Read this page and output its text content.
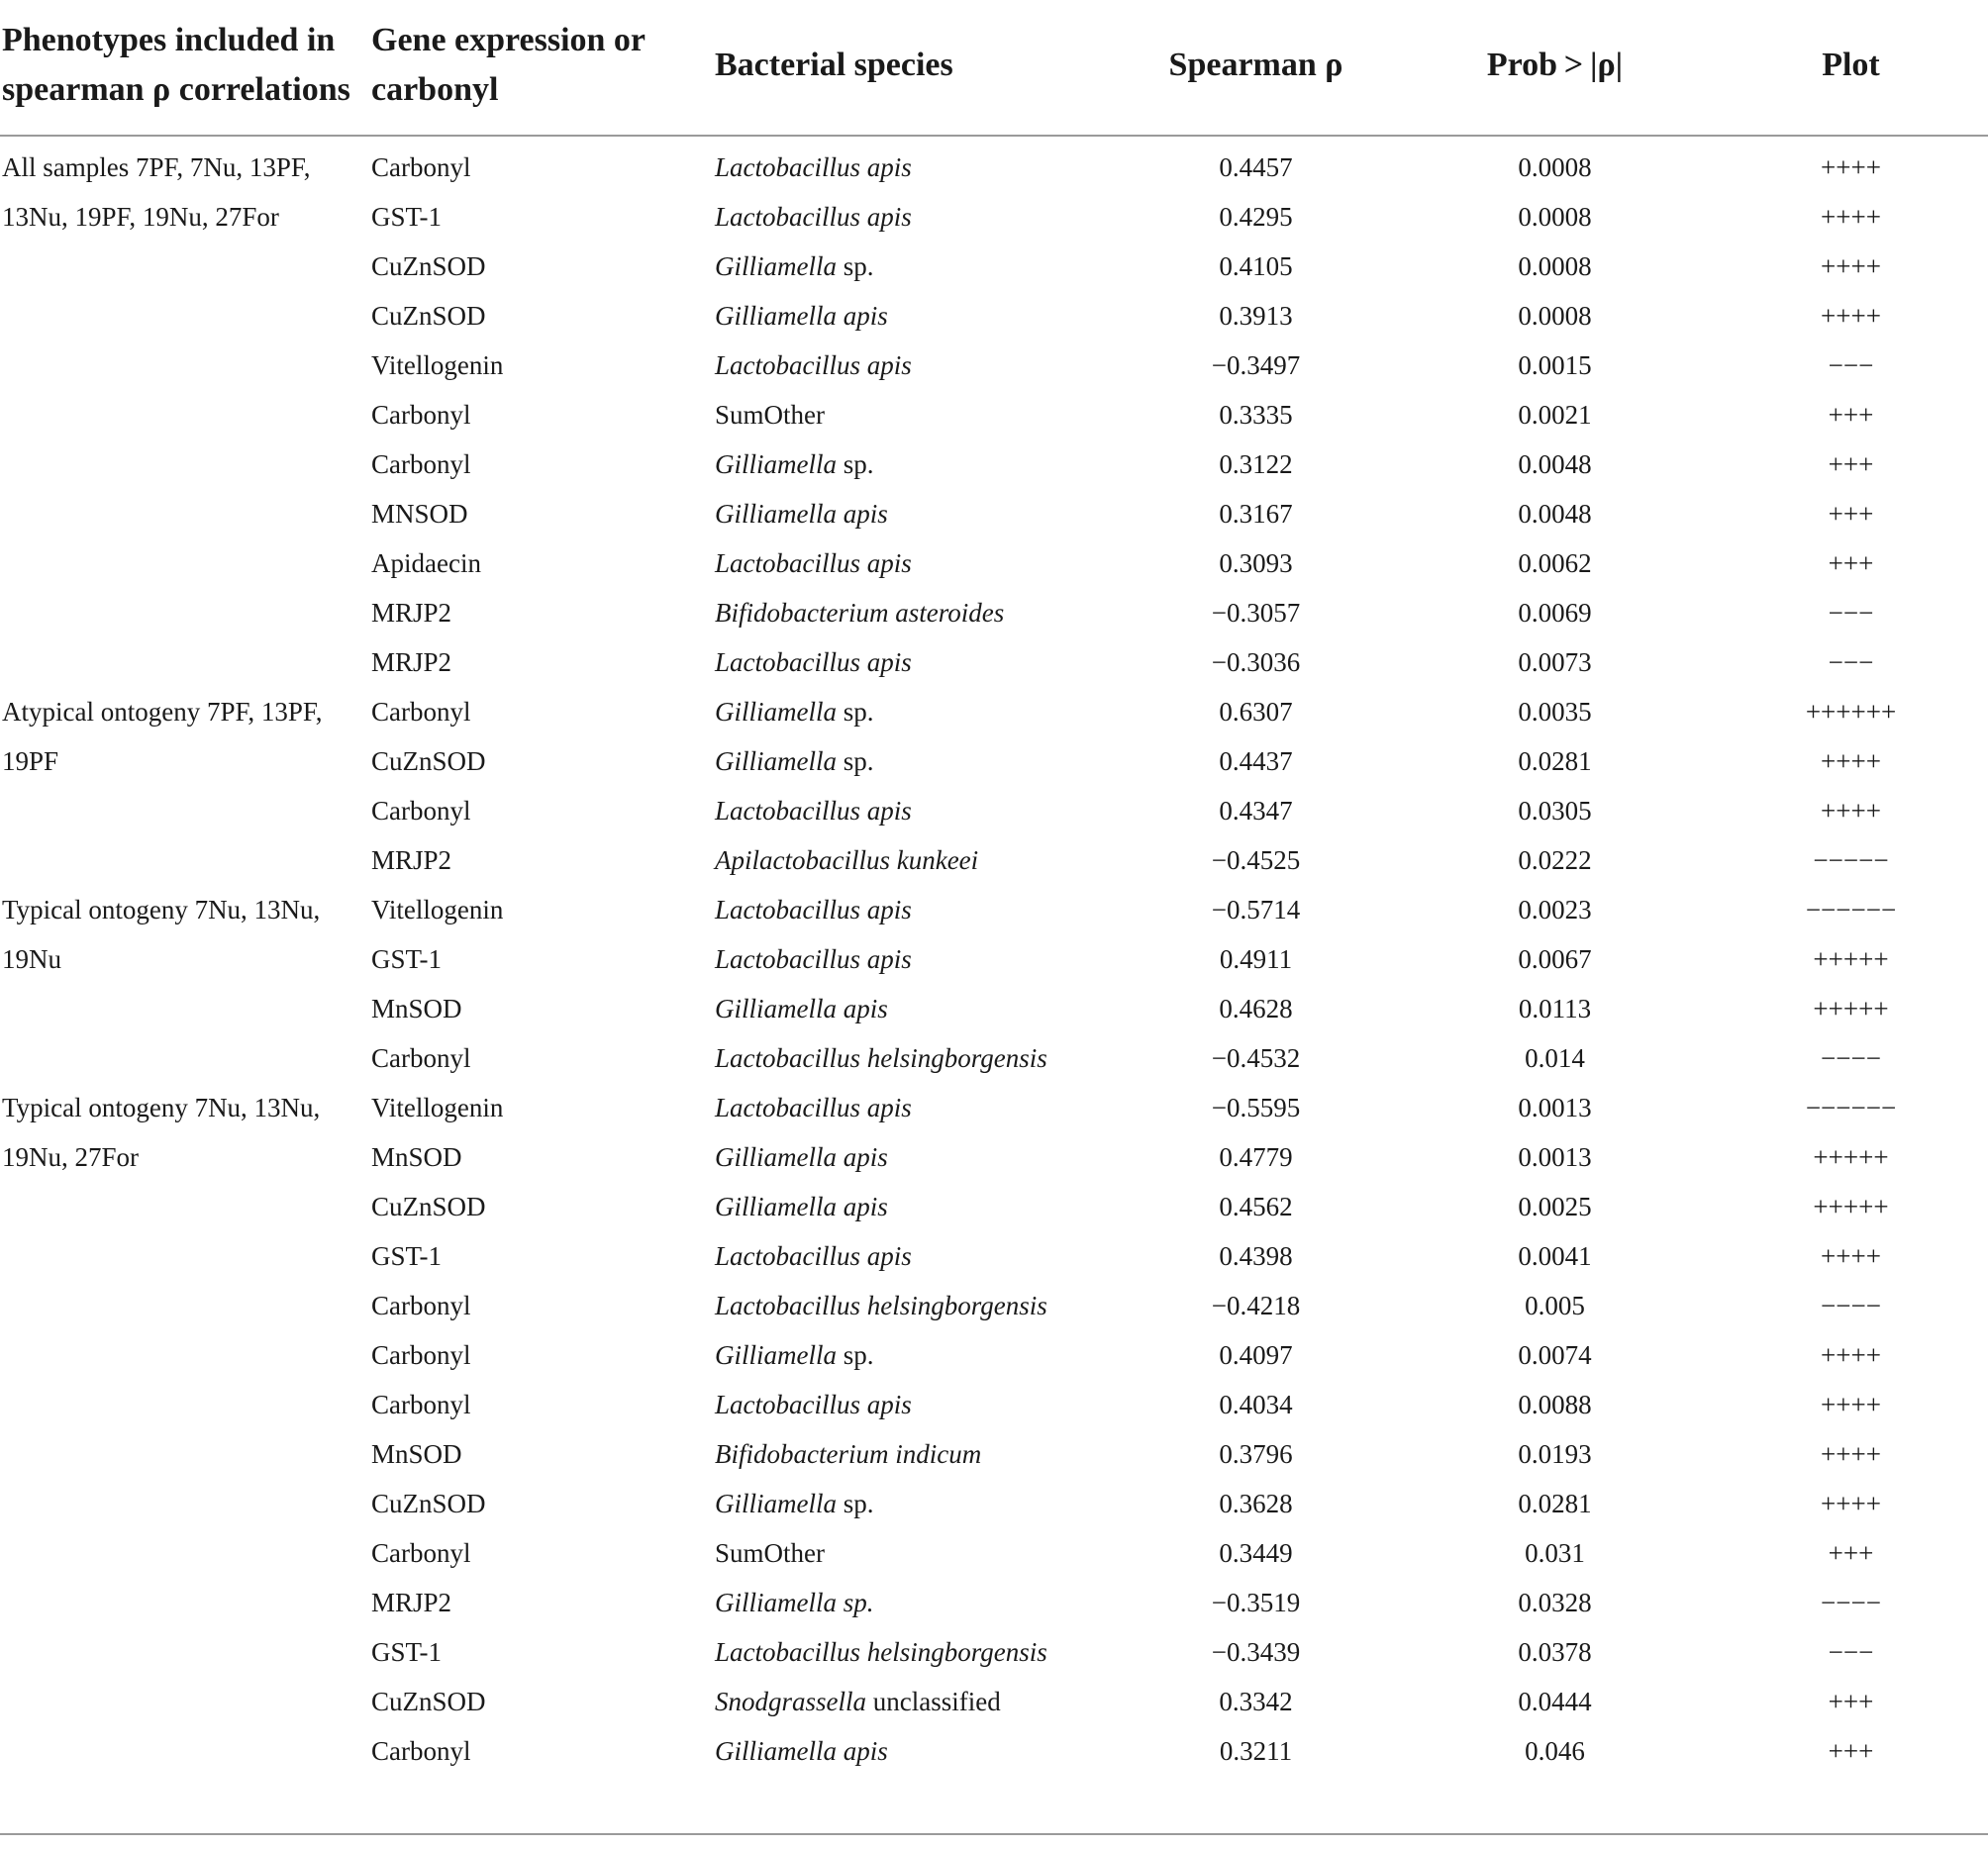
Phenotypes included in spearman ρ correlations	Gene expression or carbonyl	Bacterial species	Spearman ρ	Prob > |ρ|	Plot
All samples 7PF, 7Nu, 13PF, 13Nu, 19PF, 19Nu, 27For	Carbonyl	Lactobacillus apis	0.4457	0.0008	++++
	GST-1	Lactobacillus apis	0.4295	0.0008	++++
	CuZnSOD	Gilliamella sp.	0.4105	0.0008	++++
	CuZnSOD	Gilliamella apis	0.3913	0.0008	++++
	Vitellogenin	Lactobacillus apis	−0.3497	0.0015	−−−
	Carbonyl	SumOther	0.3335	0.0021	+++
	Carbonyl	Gilliamella sp.	0.3122	0.0048	+++
	MNSOD	Gilliamella apis	0.3167	0.0048	+++
	Apidaecin	Lactobacillus apis	0.3093	0.0062	+++
	MRJP2	Bifidobacterium asteroides	−0.3057	0.0069	−−−
	MRJP2	Lactobacillus apis	−0.3036	0.0073	−−−
Atypical ontogeny 7PF, 13PF, 19PF	Carbonyl	Gilliamella sp.	0.6307	0.0035	++++++
	CuZnSOD	Gilliamella sp.	0.4437	0.0281	++++
	Carbonyl	Lactobacillus apis	0.4347	0.0305	++++
	MRJP2	Apilactobacillus kunkeei	−0.4525	0.0222	−−−−−
Typical ontogeny 7Nu, 13Nu, 19Nu	Vitellogenin	Lactobacillus apis	−0.5714	0.0023	−−−−−−
	GST-1	Lactobacillus apis	0.4911	0.0067	+++++
	MnSOD	Gilliamella apis	0.4628	0.0113	+++++
	Carbonyl	Lactobacillus helsingborgensis	−0.4532	0.014	−−−−
Typical ontogeny 7Nu, 13Nu, 19Nu, 27For	Vitellogenin	Lactobacillus apis	−0.5595	0.0013	−−−−−−
	MnSOD	Gilliamella apis	0.4779	0.0013	+++++
	CuZnSOD	Gilliamella apis	0.4562	0.0025	+++++
	GST-1	Lactobacillus apis	0.4398	0.0041	++++
	Carbonyl	Lactobacillus helsingborgensis	−0.4218	0.005	−−−−
	Carbonyl	Gilliamella sp.	0.4097	0.0074	++++
	Carbonyl	Lactobacillus apis	0.4034	0.0088	++++
	MnSOD	Bifidobacterium indicum	0.3796	0.0193	++++
	CuZnSOD	Gilliamella sp.	0.3628	0.0281	++++
	Carbonyl	SumOther	0.3449	0.031	+++
	MRJP2	Gilliamella sp.	−0.3519	0.0328	−−−−
	GST-1	Lactobacillus helsingborgensis	−0.3439	0.0378	−−−
	CuZnSOD	Snodgrassella unclassified	0.3342	0.0444	+++
	Carbonyl	Gilliamella apis	0.3211	0.046	+++
